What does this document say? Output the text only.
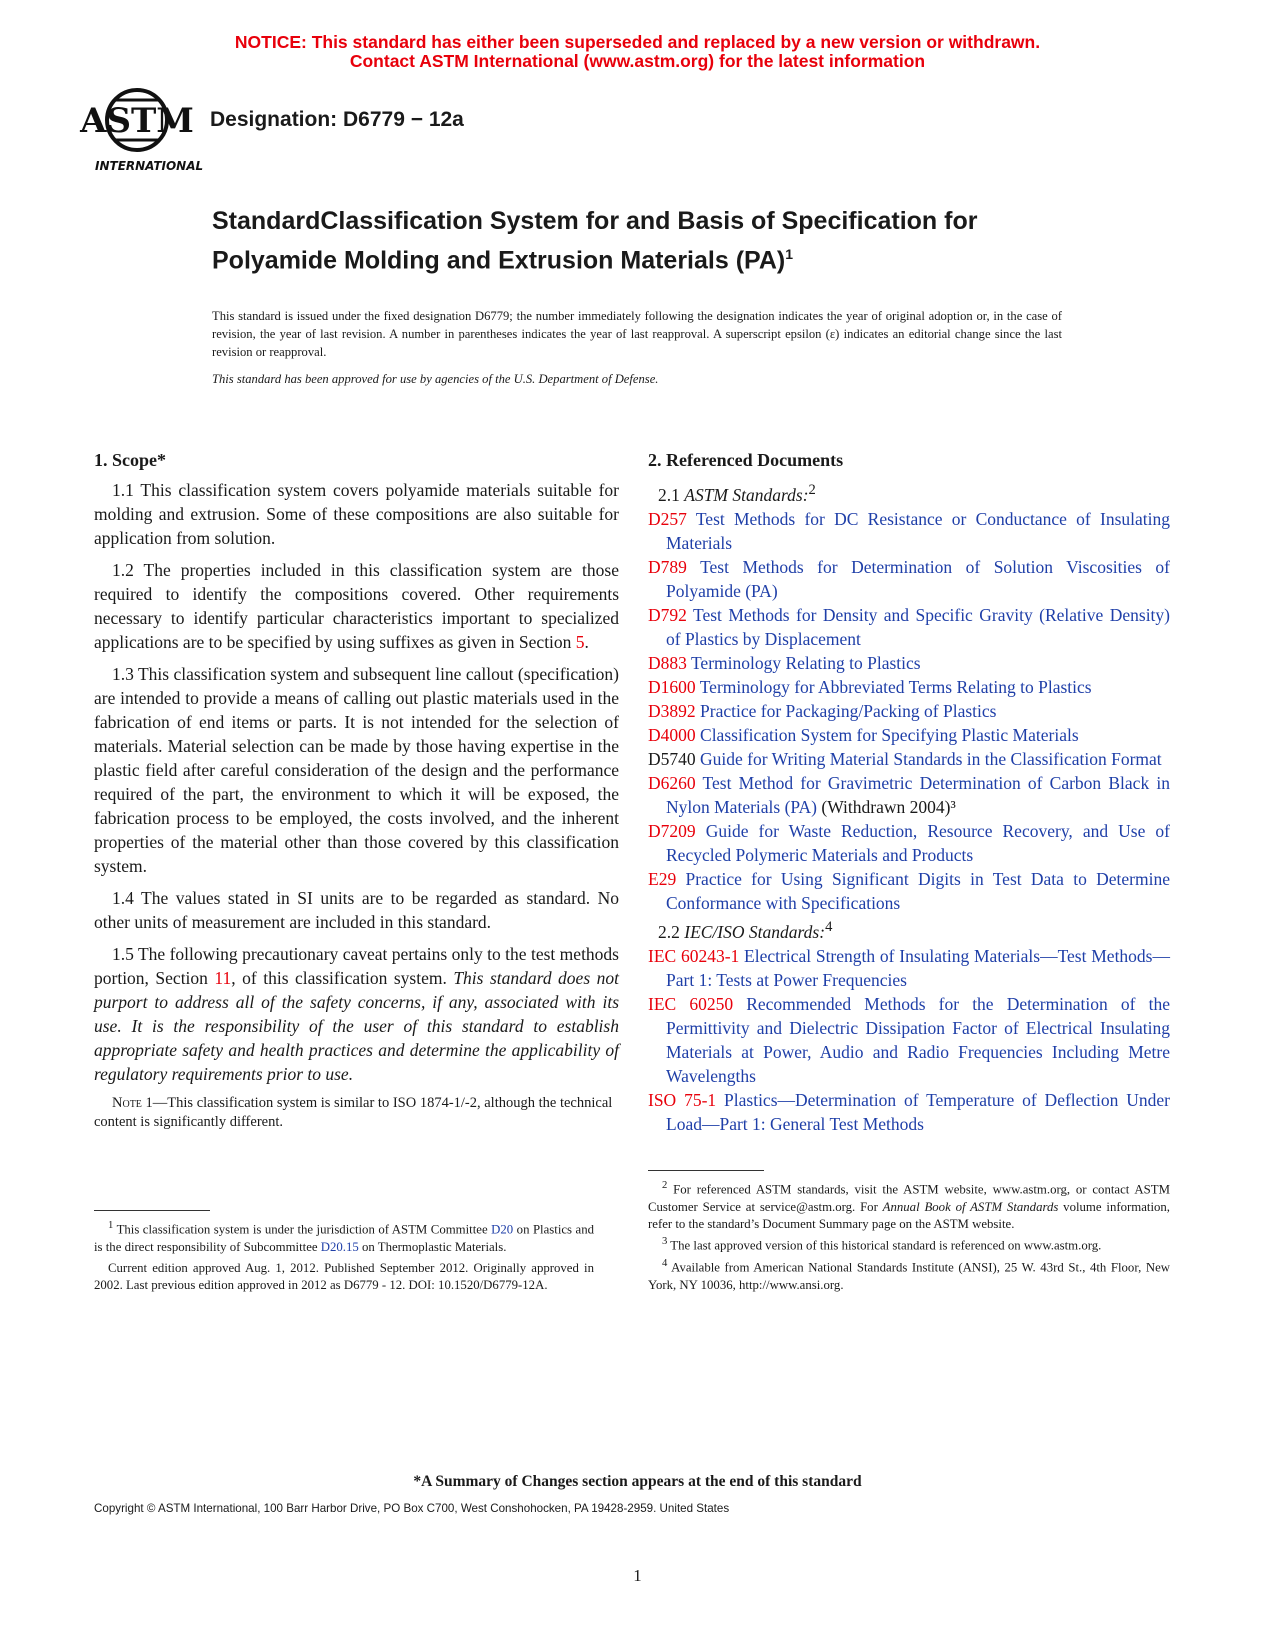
NOTICE: This standard has either been superseded and replaced by a new version or withdrawn.
Contact ASTM International (www.astm.org) for the latest information
ASTM
INTERNATIONAL
Designation: D6779 − 12a
StandardClassification System for and Basis of Specification for
Polyamide Molding and Extrusion Materials (PA)$^1$
This standard is issued under the fixed designation D6779; the number immediately following the designation indicates the year of original adoption or, in the case of revision, the year of last revision. A number in parentheses indicates the year of last reapproval. A superscript epsilon (ε) indicates an editorial change since the last revision or reapproval.
This standard has been approved for use by agencies of the U.S. Department of Defense.
1. Scope*

1.1 This classification system covers polyamide materials suitable for molding and extrusion. Some of these compositions are also suitable for application from solution.

1.2 The properties included in this classification system are those required to identify the compositions covered. Other requirements necessary to identify particular characteristics important to specialized applications are to be specified by using suffixes as given in Section 5.

1.3 This classification system and subsequent line callout (specification) are intended to provide a means of calling out plastic materials used in the fabrication of end items or parts. It is not intended for the selection of materials. Material selection can be made by those having expertise in the plastic field after careful consideration of the design and the performance required of the part, the environment to which it will be exposed, the fabrication process to be employed, the costs involved, and the inherent properties of the material other than those covered by this classification system.

1.4 The values stated in SI units are to be regarded as standard. No other units of measurement are included in this standard.

1.5 The following precautionary caveat pertains only to the test methods portion, Section 11, of this classification system. This standard does not purport to address all of the safety concerns, if any, associated with its use. It is the responsibility of the user of this standard to establish appropriate safety and health practices and determine the applicability of regulatory requirements prior to use.

Note 1—This classification system is similar to ISO 1874-1/-2, although the technical content is significantly different.
2. Referenced Documents
2.1 ASTM Standards:$^2$
D257 Test Methods for DC Resistance or Conductance of Insulating Materials
D789 Test Methods for Determination of Solution Viscosities of Polyamide (PA)
D792 Test Methods for Density and Specific Gravity (Relative Density) of Plastics by Displacement
D883 Terminology Relating to Plastics
D1600 Terminology for Abbreviated Terms Relating to Plastics
D3892 Practice for Packaging/Packing of Plastics
D4000 Classification System for Specifying Plastic Materials
D5740 Guide for Writing Material Standards in the Classification Format
D6260 Test Method for Gravimetric Determination of Carbon Black in Nylon Materials (PA) (Withdrawn 2004)³
D7209 Guide for Waste Reduction, Resource Recovery, and Use of Recycled Polymeric Materials and Products
E29 Practice for Using Significant Digits in Test Data to Determine Conformance with Specifications
2.2 IEC/ISO Standards:$^4$
IEC 60243-1 Electrical Strength of Insulating Materials—Test Methods—Part 1: Tests at Power Frequencies
IEC 60250 Recommended Methods for the Determination of the Permittivity and Dielectric Dissipation Factor of Electrical Insulating Materials at Power, Audio and Radio Frequencies Including Metre Wavelengths
ISO 75-1 Plastics—Determination of Temperature of Deflection Under Load—Part 1: General Test Methods

$^1$ This classification system is under the jurisdiction of ASTM Committee D20 on Plastics and is the direct responsibility of Subcommittee D20.15 on Thermoplastic Materials.

Current edition approved Aug. 1, 2012. Published September 2012. Originally approved in 2002. Last previous edition approved in 2012 as D6779 - 12. DOI: 10.1520/D6779-12A.

$^2$ For referenced ASTM standards, visit the ASTM website, www.astm.org, or contact ASTM Customer Service at service@astm.org. For Annual Book of ASTM Standards volume information, refer to the standard’s Document Summary page on the ASTM website.

$^3$ The last approved version of this historical standard is referenced on www.astm.org.

$^4$ Available from American National Standards Institute (ANSI), 25 W. 43rd St., 4th Floor, New York, NY 10036, http://www.ansi.org.

*A Summary of Changes section appears at the end of this standard
Copyright © ASTM International, 100 Barr Harbor Drive, PO Box C700, West Conshohocken, PA 19428-2959. United States
1
